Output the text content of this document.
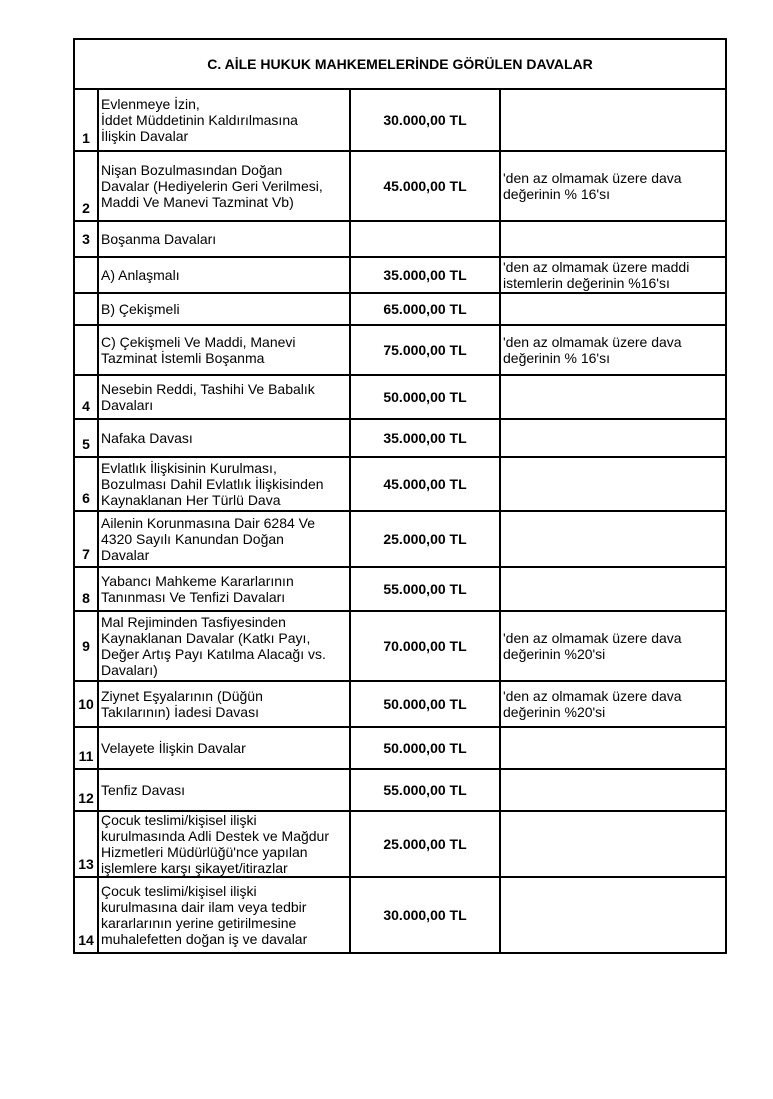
C. AİLE HUKUK MAHKEMELERİNDE GÖRÜLEN DAVALAR			
1	Evlenmeye İzin,
İddet Müddetinin Kaldırılmasına
İlişkin Davalar	30.000,00 TL	
2	Nişan Bozulmasından Doğan
Davalar (Hediyelerin Geri Verilmesi,
Maddi Ve Manevi Tazminat Vb)	45.000,00 TL	'den az olmamak üzere dava
değerinin % 16'sı

3	Boşanma Davaları		

	A) Anlaşmalı	35.000,00 TL	'den az olmamak üzere maddi
istemlerin değerinin %16'sı

	B) Çekişmeli	65.000,00 TL	

	C) Çekişmeli Ve Maddi, Manevi
Tazminat İstemli Boşanma	75.000,00 TL	'den az olmamak üzere dava
değerinin % 16'sı

4	Nesebin Reddi, Tashihi Ve Babalık
Davaları	50.000,00 TL	
5	Nafaka Davası	35.000,00 TL	
6	Evlatlık İlişkisinin Kurulması,
Bozulması Dahil Evlatlık İlişkisinden
Kaynaklanan Her Türlü Dava	45.000,00 TL	
7	Ailenin Korunmasına Dair 6284 Ve
4320 Sayılı Kanundan Doğan
Davalar	25.000,00 TL	
8	Yabancı Mahkeme Kararlarının
Tanınması Ve Tenfizi Davaları	55.000,00 TL	
9	Mal Rejiminden Tasfiyesinden
Kaynaklanan Davalar (Katkı Payı,
Değer Artış Payı Katılma Alacağı vs.
Davaları)	70.000,00 TL	'den az olmamak üzere dava
değerinin %20'si

10	Ziynet Eşyalarının (Düğün
Takılarının) İadesi Davası	50.000,00 TL	'den az olmamak üzere dava
değerinin %20'si

11	Velayete İlişkin Davalar	50.000,00 TL	
12	Tenfiz Davası	55.000,00 TL	
13	Çocuk teslimi/kişisel ilişki
kurulmasında Adli Destek ve Mağdur
Hizmetleri Müdürlüğü'nce yapılan
işlemlere karşı şikayet/itirazlar	25.000,00 TL	
14	Çocuk teslimi/kişisel ilişki
kurulmasına dair ilam veya tedbir
kararlarının yerine getirilmesine
muhalefetten doğan iş ve davalar	30.000,00 TL	
